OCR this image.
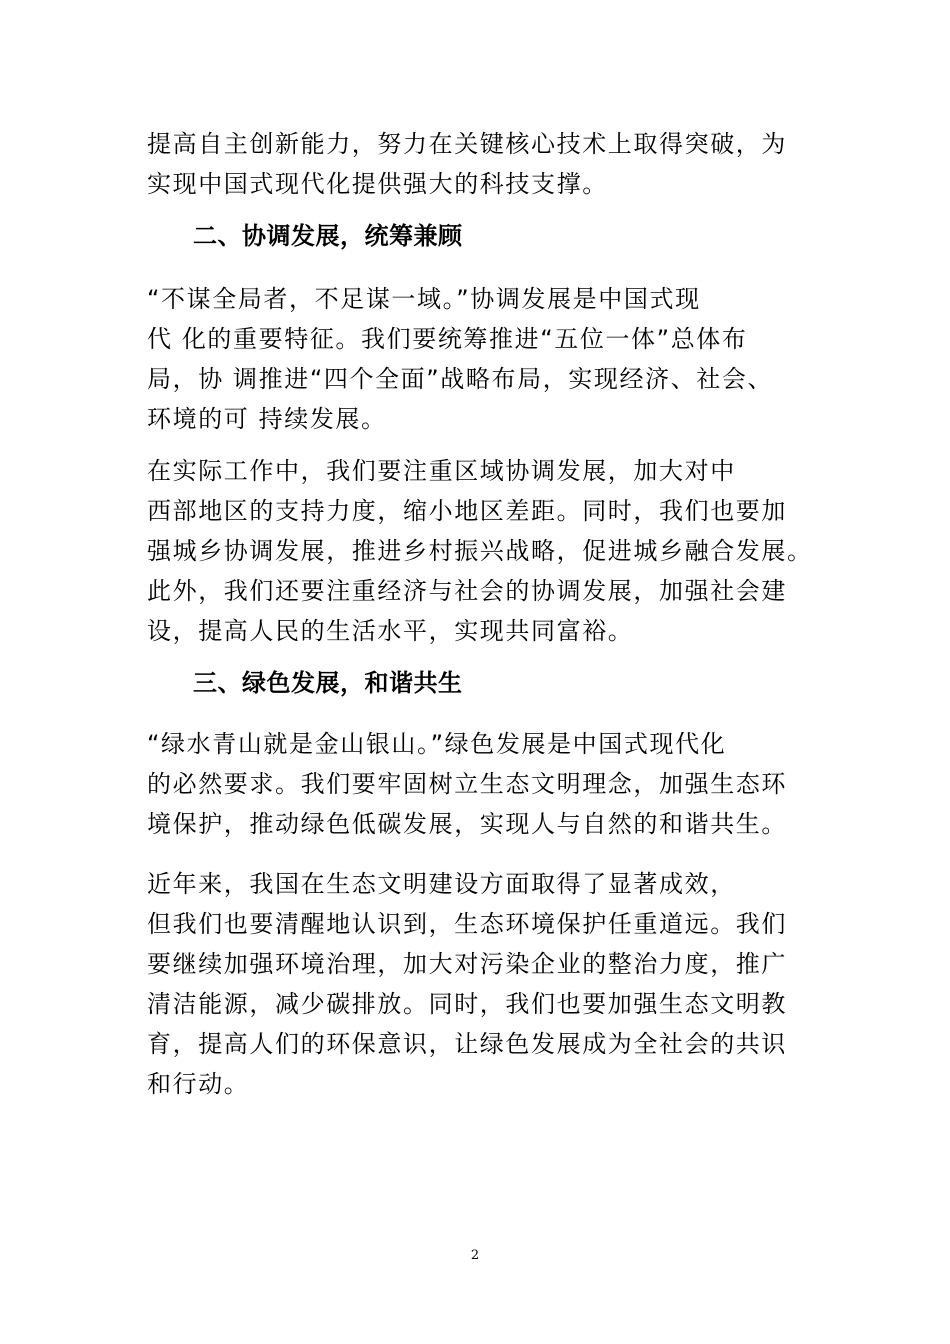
提高自主创新能力，努力在关键核心技术上取得突破，为
实现中国式现代化提供强大的科技支撑。
二、协调发展，统筹兼顾
“不谋全局者，不足谋一域。”协调发展是中国式现
代 化的重要特征。我们要统筹推进“五位一体”总体布
局，协 调推进“四个全面”战略布局，实现经济、社会、
环境的可 持续发展。
在实际工作中，我们要注重区域协调发展，加大对中
西部地区的支持力度，缩小地区差距。同时，我们也要加
强城乡协调发展，推进乡村振兴战略，促进城乡融合发展。
此外，我们还要注重经济与社会的协调发展，加强社会建
设，提高人民的生活水平，实现共同富裕。
三、绿色发展，和谐共生
“绿水青山就是金山银山。”绿色发展是中国式现代化
的必然要求。我们要牢固树立生态文明理念，加强生态环
境保护，推动绿色低碳发展，实现人与自然的和谐共生。
近年来，我国在生态文明建设方面取得了显著成效，
但我们也要清醒地认识到，生态环境保护任重道远。我们
要继续加强环境治理，加大对污染企业的整治力度，推广
清洁能源，减少碳排放。同时，我们也要加强生态文明教
育，提高人们的环保意识，让绿色发展成为全社会的共识
和行动。
2
